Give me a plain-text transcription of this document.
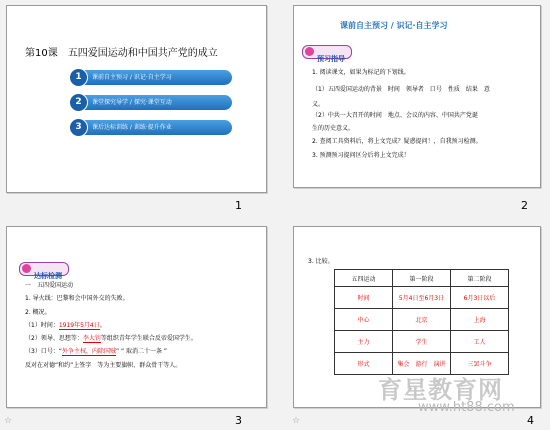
第10课　五四爱国运动和中国共产党的成立
1	课前自主预习 ∕ 识记·自主学习
2	课堂探究导学 ∕ 探究·课堂互动
3	课后达标训练 ∕ 训练·提升作业
1
课前自主预习 ∕ 识记·自主学习
预习指导
1. 阅读课文，如果为标记的下划线。
（1）五四爱国运动的背景　时间　领导者　口号　性质　结果　意
义。
（2）中共一大召开的时间　地点、会议的内容、中国共产党诞
生的历史意义。
2. 查阅工具资料后，将上文完成？疑惑提问！，自我预习检测。
3. 预测预习提问区分后将上文完成！
2
达标检测
一　五四爱国运动
1. 导火线：巴黎和会中国外交的失败。
2. 概况。
（1）时间：1919年5月4日。
（2）领导、思想等：李大钊等组织青年学生联合反帝爱国学生。
（3）口号：“外争主权，内除国贼” “ 取消二十一条 ”
反对在对德“和约”上签字　等为主要旗帜、群众骨干等人。
3
☆
3. 比较。
五四运动	第一阶段	第二阶段
时间	5月4日至6月3日	6月3日以后
中心	北京	上海
主力	学生	工人
形式	集会　游行　演讲	三罢斗争
4
☆
育星教育网
www.ht88.com
